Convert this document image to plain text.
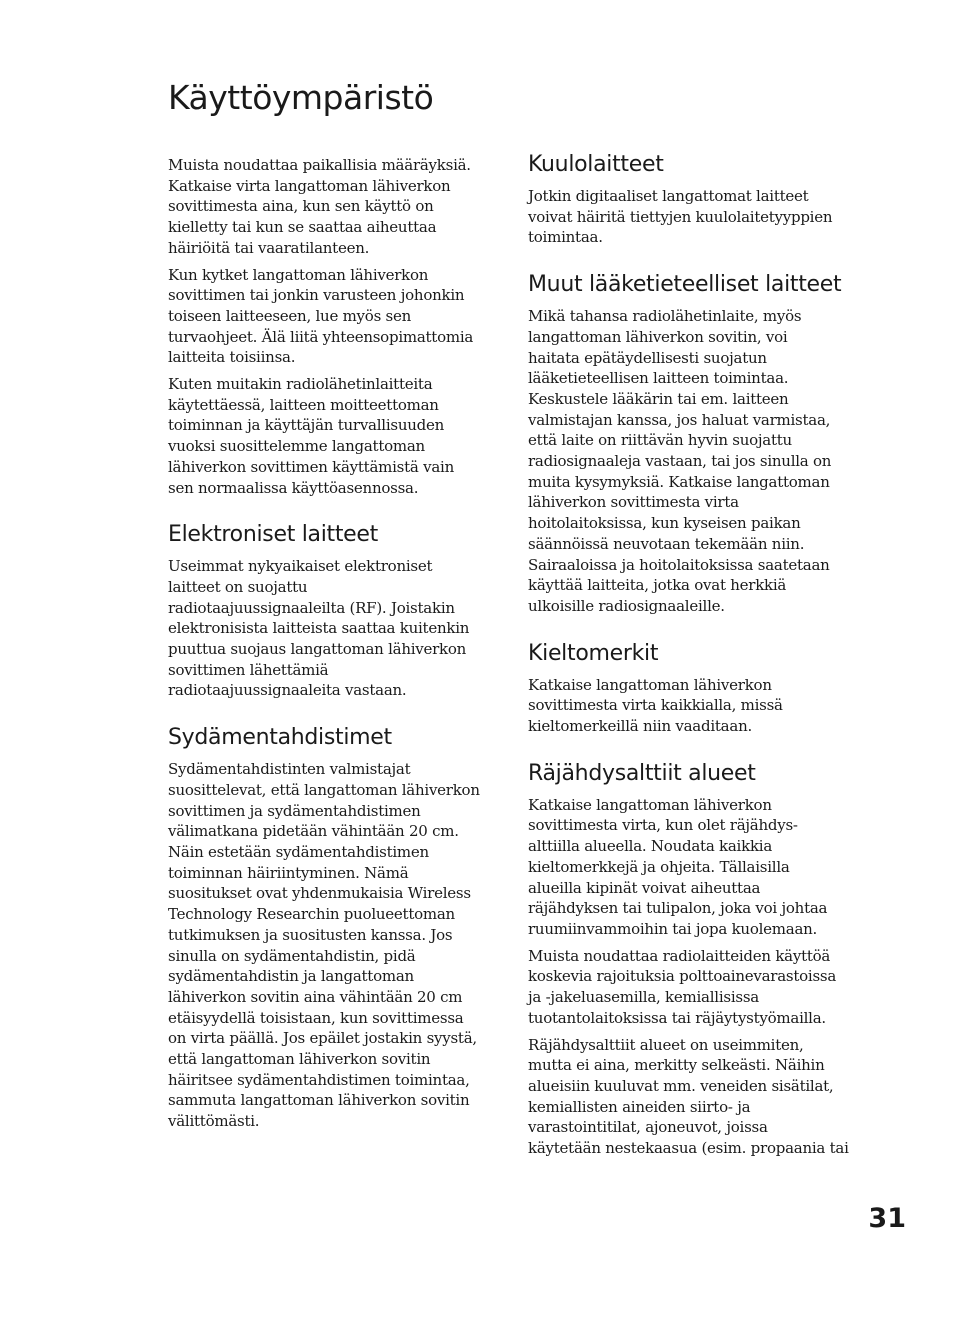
Käyttöympäristö

Muista noudattaa paikallisia määräyksiä.
Katkaise virta langattoman lähiverkon
sovittimesta aina, kun sen käyttö on
kielletty tai kun se saattaa aiheuttaa
häiriöitä tai vaaratilanteen.

Kun kytket langattoman lähiverkon
sovittimen tai jonkin varusteen johonkin
toiseen laitteeseen, lue myös sen
turvaohjeet. Älä liitä yhteensopimattomia
laitteita toisiinsa.

Kuten muitakin radiolähetinlaitteita
käytettäessä, laitteen moitteettoman
toiminnan ja käyttäjän turvallisuuden
vuoksi suosittelemme langattoman
lähiverkon sovittimen käyttämistä vain
sen normaalissa käyttöasennossa.

Elektroniset laitteet

Useimmat nykyaikaiset elektroniset
laitteet on suojattu
radiotaajuussignaaleilta (RF). Joistakin
elektronisista laitteista saattaa kuitenkin
puuttua suojaus langattoman lähiverkon
sovittimen lähettämiä
radiotaajuussignaaleita vastaan.

Sydämentahdistimet

Sydämentahdistinten valmistajat
suosittelevat, että langattoman lähiverkon
sovittimen ja sydämentahdistimen
välimatkana pidetään vähintään 20 cm.
Näin estetään sydämentahdistimen
toiminnan häiriintyminen. Nämä
suositukset ovat yhdenmukaisia Wireless
Technology Researchin puolueettoman
tutkimuksen ja suositusten kanssa. Jos
sinulla on sydämentahdistin, pidä
sydämentahdistin ja langattoman
lähiverkon sovitin aina vähintään 20 cm
etäisyydellä toisistaan, kun sovittimessa
on virta päällä. Jos epäilet jostakin syystä,
että langattoman lähiverkon sovitin
häiritsee sydämentahdistimen toimintaa,
sammuta langattoman lähiverkon sovitin
välittömästi.

Kuulolaitteet

Jotkin digitaaliset langattomat laitteet
voivat häiritä tiettyjen kuulolaitetyyppien
toimintaa.

Muut lääketieteelliset laitteet

Mikä tahansa radiolähetinlaite, myös
langattoman lähiverkon sovitin, voi
haitata epätäydellisesti suojatun
lääketieteellisen laitteen toimintaa.
Keskustele lääkärin tai em. laitteen
valmistajan kanssa, jos haluat varmistaa,
että laite on riittävän hyvin suojattu
radiosignaaleja vastaan, tai jos sinulla on
muita kysymyksiä. Katkaise langattoman
lähiverkon sovittimesta virta
hoitolaitoksissa, kun kyseisen paikan
säännöissä neuvotaan tekemään niin.
Sairaaloissa ja hoitolaitoksissa saatetaan
käyttää laitteita, jotka ovat herkkiä
ulkoisille radiosignaaleille.

Kieltomerkit

Katkaise langattoman lähiverkon
sovittimesta virta kaikkialla, missä
kieltomerkeillä niin vaaditaan.

Räjähdysalttiit alueet

Katkaise langattoman lähiverkon
sovittimesta virta, kun olet räjähdys-
alttiilla alueella. Noudata kaikkia
kieltomerkkejä ja ohjeita. Tällaisilla
alueilla kipinät voivat aiheuttaa
räjähdyksen tai tulipalon, joka voi johtaa
ruumiinvammoihin tai jopa kuolemaan.

Muista noudattaa radiolaitteiden käyttöä
koskevia rajoituksia polttoainevarastoissa
ja -jakeluasemilla, kemiallisissa
tuotantolaitoksissa tai räjäytystyömailla.

Räjähdysalttiit alueet on useimmiten,
mutta ei aina, merkitty selkeästi. Näihin
alueisiin kuuluvat mm. veneiden sisätilat,
kemiallisten aineiden siirto- ja
varastointitilat, ajoneuvot, joissa
käytetään nestekaasua (esim. propaania tai

31
